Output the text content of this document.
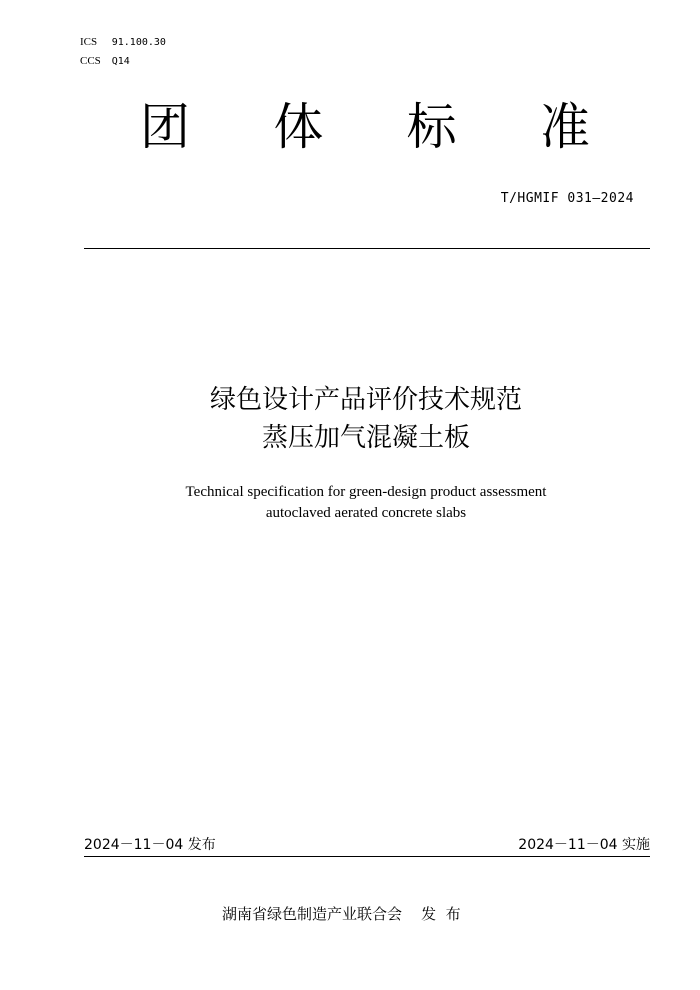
ICS 91.100.30
CCS Q14
团 体 标 准
T/HGMIF 031—2024
绿色设计产品评价技术规范
蒸压加气混凝土板
Technical specification for green-design product assessment
autoclaved aerated concrete slabs
2024－11－04 发布	2024－11－04 实施
湖南省绿色制造产业联合会    发  布
